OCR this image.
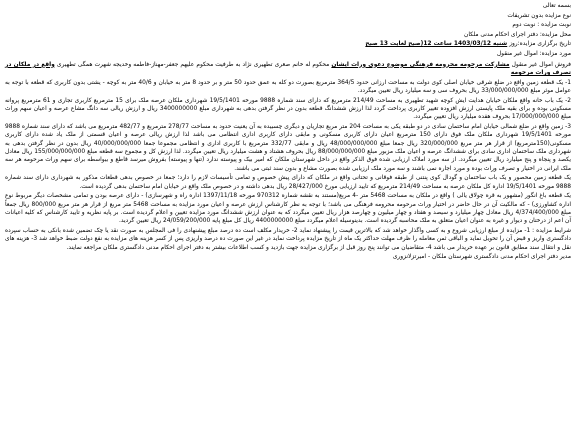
بسمه تعالی

نوع مزایده بدون تشریفات

نوبت مزایده : نوبت دوم

محل مزایده: دفتر اجرای احکام مدنی ملکان

تاریخ برگزاری مزایده:روز شنبه 1403/03/12 ساعت 12(صبح لغایت 13 صبح

مورد مزایده: اموال غیر منقول

فروش اموال غیر منقول مشارکت مرحومه محرومه فرهنگی موضوع دعوی وراث ایشان محکوم له خانم صغری تطهیری نژاد به طرفیت محکوم علیهم جعفر-مهناز-فاطمه وخدیجه شهرت همگی تطهیری واقع در ملکان در تصرف وراث مرحومه

1- یک قطعه زمین واقع در ضلع شرقی خیابان اصلی کوی دولت به مساحت ارزانی حدود 364/5 مترمربع بصورت دو کله به عمق حدود 50 متر و بر حدود 8 متر به خیابان و 40/6 متر به کوچه - یشتی بدون کاربری که قطعه با توجه به عوامل موثر مبلغ 33/000/000/000 ریال بحروف سی و سه میلیارد ریال تعیین میگردد.

2- یک باب خانه واقع ملکان خیابان هدایت ایش کوچه شهید تطهیری به مساحت 214/49 مترمربع که دارای سند شماره 9888 مورخه 19/5/1401 شهرداری ملکان عرصه ملک برای 15 مترمربع کاربری تجاری و 61 مترمربع پروانه مسکونی بوده و برای بقیه ملک پایستی ارزش افزوده تغییر کاربری پرداخت گردد لذا ارزش ششدانگ قطعه بدون در نظر گرفتن بدهی به شهرداری مبلغ 3400000000 ریال و ارزش ریالی سه دانگ مشاع عرصه و اعیان سهم وراث مبلغ 17/000/000/000 بحروف هفده میلیارد ریال تعیین میگردد.

3- زمین واقع در ضلع شمالی خیابان امام ساختمان سادی در دو طبقه یکی به مساحت 204 متر مربع تجاریان و دیگری چسبیده به آن یعنیت حدود به مساحت 278/77 مترمربع و 482/77 مترمربع می باشد که دارای سند شماره 9888 مورخه 19/5/1401 شهرداری ملکان ملک فوق دارای 150 مترمربع اعیان دارای کاربری مسکونی و مابقی دارای کاربری اداری انتظامی می باشد لذا ارزش ریالی عرصه و اعیان قسمتی از ملک یاد شده دارای کاربری مسکونی(150مترمربع) از قرار هر متر مربع 320/000/000 ریال جمعا مبلغ 48/000/000/000 ریال و مابقی 332/77 مترمربع با کاربری اداری و انتظامی مجموعا جمعا 40/000/000/000 ریال بدون در نظر گرفتن بدهی به شهرداری ملک ساختمان اداری سادی برای ششدانگ عرصه و اعیان ملک مزبور مبلغ 88/000/000/000 ریال بحروف هشتاد و هشت میلیارد ریال تعیین میگردد. لذا ارزش کل و مجموع سه قطعه مبلغ 155/000/000/000 ریال معادل یکصد و پنجاه و پنج میلیارد ریال تعیین میگردد. از سه مورد املاک ارزیابی شده فوق الذکر واقع در داخل شهرستان ملکان که امیر بیک و پیوسته ندارد (تنها و پیوسته) بفروش میرسد قاطع و بیواسطه برای سهم وراث مرحومه هر سه ملک ایرانی در اختیار و تصرف وراث بوده و مورد اجاره نمی باشند و سه مورد ملک ارزیابی شده بصورت مشاع و بدون سند ثبتی می باشند.

یک قطعه زمین محصور و یک باب ساختمان و گودال کوی پنتنی از طبقه فوقانی و تحتانی واقع در ملکان که دارای پیش خصوص و تمامی تأسیسات لازم را دارد؛ جمعا در خصوص بدهی قطعات مذکور به شهرداری دارای سند شماره 9888 مورخه 19/5/1401 اداره کل ملکان عرصه به مساحت 214/49 مترمربع که تایید ارزیابی مورخ 28/427/000 ریال بدهی داشته و در خصوص ملک واقع در خیابان امام ساختمان بدهی گردیده است.

یک قطعه باغ انگور (مشهور به قره چولاق یالی ) واقع در ملکان به مساحت 5468 متر -4 مربع(مستند به نقشه شماره 970312 مورخه 1397/11/18 اداره راه و شهرسازی) - دارای عرصه بودن و تمامی مشخصات دیگر مربوط نوع اداره کشاورزی) - که مالکیت آن در حال حاضر در اختیار وراث مرحومه محرومه فرهنگی می باشد؛ با توجه به نظر کارشناس ارزش عرصه و اعیان مورد مزایده به مساحت 5468 متر مربع از قرار هر متر مربع 800/000 ریال جمعاً مبلغ 4/374/400/000 ریال معادل چهار میلیارد و سیصد و هفتاد و چهار میلیون و چهارصد هزار ریال تعیین میگردد که به عنوان ارزش ششدانگ مورد مزایده تعیین و اعلام گردیده است. بر پایه نظریه و تایید کارشناس که کلیه اعیانات آن اعم از درختان و دیوار و غیره به عنوان اعیان متعلق به ملک محاسبه گردیده است. بدینوسیله اعلام میگردد مبلغ 4400000000 ریال کل مبلغ پایه 24/059/200/000 ریال تعیین گردید.

شرایط مزایده : 1- مزایده از مبلغ ارزیابی شروع و به کسی واگذار خواهد شد که بالاترین قیمت را پیشنهاد نماید 2- خریدار مکلف است ده درصد مبلغ پیشنهادی را فی المجلس به صورت نقد یا چک تضمین شده بانکی به حساب سپرده دادگستری واریز و قبض آن را تحویل نماید و الباقی ثمن معامله را ظرف مهلت حداکثر یک ماه از تاریخ مزایده پرداخت نماید در غیر این صورت ده درصد واریزی پس از کسر هزینه های مزایده به نفع دولت ضبط خواهد شد 3- هزینه های نقل و انتقال سند مطابق قانون بر عهده خریدار می باشد 4- متقاضیان می توانند پنج روز قبل از برگزاری مزایده جهت بازدید و کسب اطلاعات بیشتر به دفتر اجرای احکام مدنی دادگستری ملکان مراجعه نمایند.

مدیر دفتر اجرای احکام مدنی دادگستری شهرستان ملکان - امیرتزلانزوری
